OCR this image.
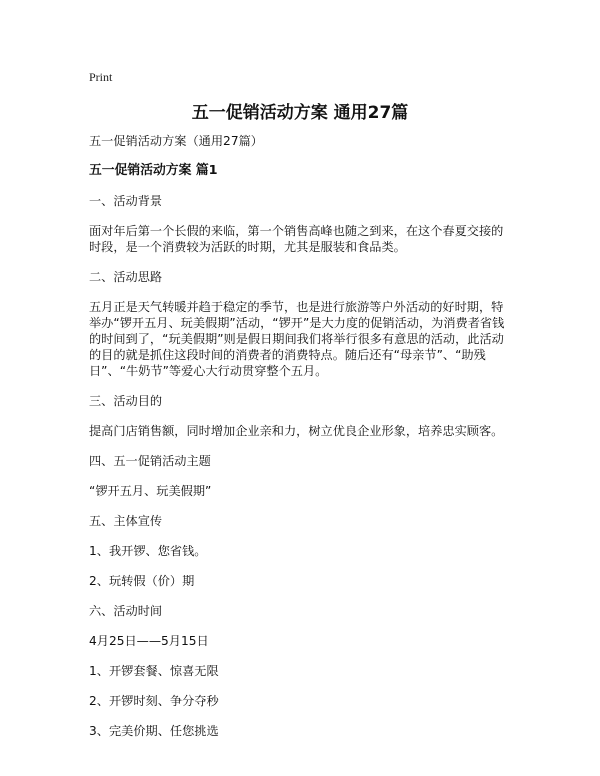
Print
五一促销活动方案 通用27篇

五一促销活动方案（通用27篇）

五一促销活动方案 篇1

一、活动背景

面对年后第一个长假的来临，第一个销售高峰也随之到来，在这个春夏交接的时段，是一个消费较为活跃的时期，尤其是服装和食品类。

二、活动思路

五月正是天气转暖并趋于稳定的季节，也是进行旅游等户外活动的好时期，特举办“锣开五月、玩美假期”活动，“锣开”是大力度的促销活动，为消费者省钱的时间到了，“玩美假期”则是假日期间我们将举行很多有意思的活动，此活动的目的就是抓住这段时间的消费者的消费特点。随后还有“母亲节”、“助残日”、“牛奶节”等爱心大行动贯穿整个五月。

三、活动目的

提高门店销售额，同时增加企业亲和力，树立优良企业形象，培养忠实顾客。

四、五一促销活动主题

“锣开五月、玩美假期”

五、主体宣传

1、我开锣、您省钱。

2、玩转假（价）期

六、活动时间

4月25日——5月15日

1、开锣套餐、惊喜无限

2、开锣时刻、争分夺秒

3、完美价期、任您挑选
